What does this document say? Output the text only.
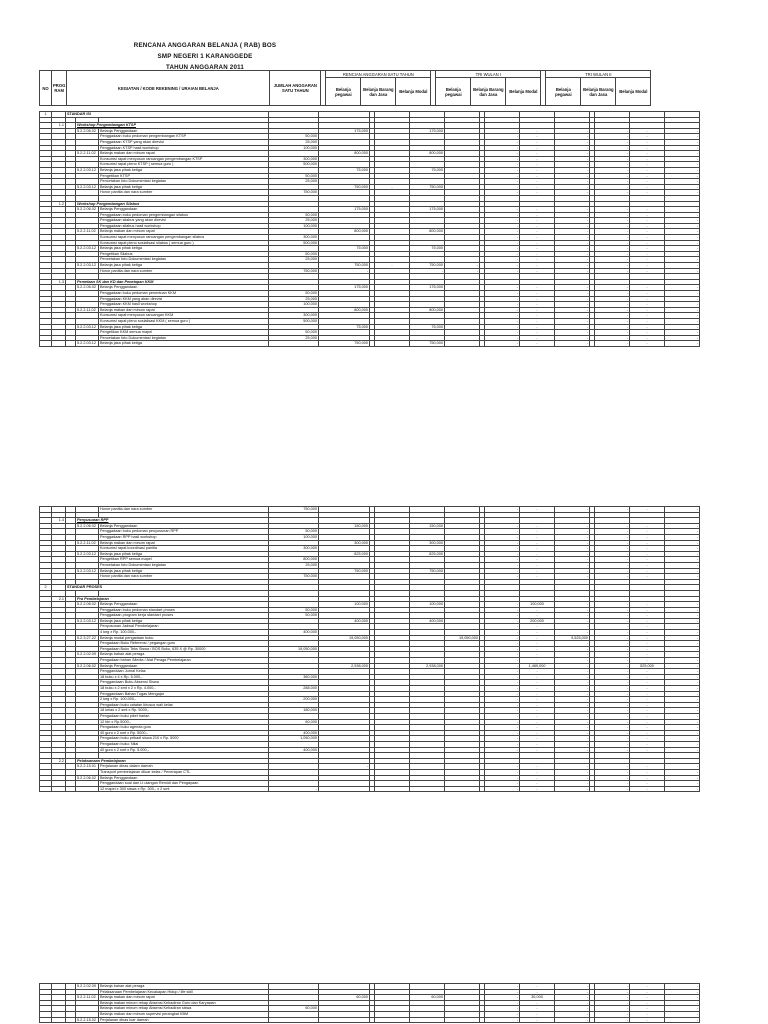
RENCANA ANGGARAN BELANJA ( RAB) BOS
SMP NEGERI 1 KARANGGEDE
TAHUN ANGGARAN 2011
NO	PROG RAM	KEGIATAN / KODE REKENING / URAIAN BELANJA	JUMLAH ANGGARAN SATU TAHUN		RENCIAN ANGGARAN SATU TAHUN				TRI WULAN I				TRI WULAN II		
					Belanja pegawai	Belanja Barang dan Jasa	Belanja Modal		Belanja pegawai	Belanja Barang dan Jasa	Belanja Modal		Belanja pegawai	Belanja Barang dan Jasa	Belanja Modal
1		STANDAR ISI																

	1.1		Workshop Pengembangan KTSP															
			5.2.2.06.02	Belanja Penggandaan		175,000			175,000			-	-	-		-	-	-
				Penggadaan buku pedoman pengembangan KTSP	50,000							-	-	-		-	-	-
				Penggadaan KTSP yang akan direvisi	25,000							-	-	-		-	-	-
				Penggadaan KTSP hasil workshop	100,000							-	-	-		-	-	-
			5.2.2.11.02	Belanja makan dan minum rapat		800,000			800,000			-	-	-		-	-	-
				Konsumsi rapat menyusun rancangan pengembangan KTSP	300,000							-	-	-		-	-	-
				Konsumsi rapat pleno KTSP ( semua guru )	500,000							-	-	-		-	-	-
			5.2.2.03.12	Belanja jasa pihak ketiga		75,000			75,000			-	-	-		-	-	-
				Pengetikan KTSP	50,000							-	-	-		-	-	-
				Pencetakan foto Dokumentasi kegiatan	25,000							-	-	-		-	-	-
			5.2.2.03.12	Belanja jasa pihak ketiga		750,000		-	750,000			-	-	-		-	-	-
				Honor panitia dan nara sumber	750,000							-	-	-		-	-	-

	1.2		Workshop Pengembangan Silabus															
			5.2.2.06.02	Belanja Penggandaan		175,000			175,000			-	-	-		-	-	-
				Penggadaan buku pedoman pengembangan silabus	50,000							-	-	-		-	-	-
				Penggadaan silabus yang akan direvisi	25,000							-	-	-		-	-	-
				Penggadaan silabus hasil workshop	100,000							-	-	-		-	-	-
			5.2.2.11.02	Belanja makan dan minum rapat		800,000			800,000			-	-	-		-	-	-
				Konsumsi rapat menyusun rancangan pengembangan silabus	300,000							-	-	-		-	-	-
				Konsumsi rapat pleno sosialisasi silabus ( semua guru )	500,000							-	-	-		-	-	-
			5.2.2.03.12	Belanja jasa pihak ketiga		75,000			75,000			-	-	-		-	-	-
				Pengetikan Silabus	50,000							-	-	-		-	-	-
				Pencetakan foto Dokumentasi kegiatan	25,000							-	-	-		-	-	-
			5.2.2.03.12	Belanja jasa pihak ketiga		750,000		-	750,000	-		-	-	-		-	-	-
				Honor panitia dan nara sumber	750,000	-			-	-		-	-	-		-	-	-

	1.3		Pemetaan SK dan KD dan Penetapan KKM															
			5.2.2.06.02	Belanja Penggandaan		175,000			175,000			-	-	-		-	-	-
				Penggadaan buku pedoman penentuan KKM	50,000							-	-	-		-	-	-
				Penggadaan KKM yang akan direvisi	25,000							-	-	-		-	-	-
				Penggadaan KKM hasil workshop	100,000							-	-	-		-	-	-
			5.2.2.11.02	Belanja makan dan minum rapat		800,000			800,000			-	-	-		-	-	-
				Konsumsi rapat menyusun rancangan KKM	300,000							-	-	-		-	-	-
				Konsumsi rapat pleno sosialisasi KKM ( semua guru )	500,000							-	-	-		-	-	-
			5.2.2.03.12	Belanja jasa pihak ketiga		75,000			75,000			-	-	-		-	-	-
				Pengetikan KKM semua mapel	50,000							-	-	-		-	-	-
				Pencetakan foto Dokumentasi kegiatan	25,000							-	-	-		-	-	-
			5.2.2.03.12	Belanja jasa pihak ketiga		750,000			750,000			-	-	-		-	-	-
				Honor panitia dan nara sumber	750,000							-	-	-		-	-	-

	1.4		Penyusunan RPP															
			5.2.2.06.02	Belanja Penggandaan		150,000			150,000			-	-	-		-	-	-
				Penggadaan buku pedoman penyusunan RPP	50,000							-	-	-		-	-	-
				Penggadaan RPP hasil workshop	100,000							-	-	-		-	-	-
			5.2.2.11.02	Belanja makan dan minum rapat		300,000			300,000			-	-	-		-	-	-
				Konsumsi rapat koordinasi panitia	300,000							-	-	-		-	-	-
			5.2.2.03.12	Belanja jasa pihak ketiga		825,000			825,000			-	-	-		-	-	-
				Pengetikan RPP semua mapel	800,000							-	-	-		-	-	-
				Pencetakan foto Dokumentasi kegiatan	25,000							-	-	-		-	-	-
			5.2.2.03.12	Belanja jasa pihak ketiga		750,000			750,000			-	-	-		-	-	-
				Honor panitia dan nara sumber	750,000							-	-	-		-	-	-

2		STANDAR PROSES																

	2.1		Pra Pembelajaran															
			5.2.2.06.02	Belanja Penggandaan		100,000			100,000			-	100,000	-		-	-	-
				Penggadaan buku pedoman standart proses	50,000							-	-	-		-	-	-
				Penggadaan program kerja standart proses	50,000							-	-	-		-	-	-
			5.2.2.03.12	Belanja jasa pihak ketiga		400,000			400,000			-	200,000	-		-	-	-
				Penyusunan Jadwal Pembelajaran								-	-	-		-	-	-
				4 keg x Rp. 100.000,-	400,000							-	-	-		-	-	-
			5.2.3.27.22	Belanja modal pengadaan buku		19,050,000				19,050,000		-	-	9,525,000		-	-	-
				Pengadaan Buku Referensi / pegangan guru								-	-	-		-	-	-
				Pengadaan Buku Teks Siswa / BOS Buku, 635 X @ Rp. 30000	19,050,000							-	-	-		-	-	-
			5.2.2.02.09	Belanja bahan alat peraga								-	-	-		-	-	-
				Pengadaan bahan /Media / Alat Peraga Pembelajaran								-	-	-		-	-	-
			5.2.2.06.02	Belanja Penggandaan		2,938,000			2,938,000			-	1,469,000	-		-	525,000	-
				Penggandaan Jurnal Kelas								-	-	-		-	-	-
				18 buku x 4 x Rp. 5.000,-	360,000							-	-	-		-	-	-
				Penggandaan Buku Absensi Siswa								-	-	-		-	-	-
				18 buku x 2 smt x 2 x Rp. 4.000,-	288,000							-	-	-		-	-	-
				Penggandaan Bahan Tugas Mengajar								-	-	-		-	-	-
				2 keg x Rp. 100.000,-	200,000							-	-	-		-	-	-
				Pengadaan buku catatan khusus wali kelas								-	-	-		-	-	-
				18 kelas x 2 smt x Rp. 5000,-	180,000							-	-	-		-	-	-
				Pengadaan buku piket harian								-	-	-		-	-	-
				12 bln x Rp.5000,-	60,000							-	-	-		-	-	-
				Pengadaan buku agenda guru								-	-	-		-	-	-
				40 guru x 2 smt x Rp. 5000,-	400,000							-	-	-		-	-	-
				Pengadaan buku pribadi siswa 210 x Rp. 5000	1,050,000							-	-	-		-	-	-
				Pengadaan buku: Nilai								-	-	-		-	-	-
				40 guru x 2 smt x Rp. 5.000,-	400,000							-	-	-		-	-	-

	2.2		Pelaksanaan Pembelajaran															
			5.2.2.15.01	Perjalanan dinas dalam daerah		-						-	-	-		-	-	-
				Transport pembelajaran diluar kelas / Penerapan CTL								-	-	-		-	-	-
			5.2.2.06.02	Belanja Penggandaan								-	-	-		-	-	-
				Penggandaan soal dan Lt ulangan Remidi dan Pengayaan								-	-	-		-	-	-
				12 mapel x 300 siswa x Rp. 300,- x 2 smt	-							-	-	-		-	-	-
			5.2.2.02.09	Belanja bahan alat peraga								-	-	-		-	-	-
				Pelaksanaan Pembelajaran Kecakapan Hidup / life skill								-	-	-		-	-	-
			5.2.2.11.02	Belanja makan dan minum rapat		60,000			60,000			-	30,000	-		-	-	-
				Belanja makan minum rekap Absensi Kehadiran Guru dan Karyawan								-	-	-		-	-	-
				Belanja makan minum rekap Absensi Kehadiran siswa	60,000							-	-	-		-	-	-
				Belanja makan dan minum supervisi perangkat KBM								-	-	-		-	-	-
			5.2.2.15.02	Perjalanan dinas luar daerah								-	-	-		-	-	-
